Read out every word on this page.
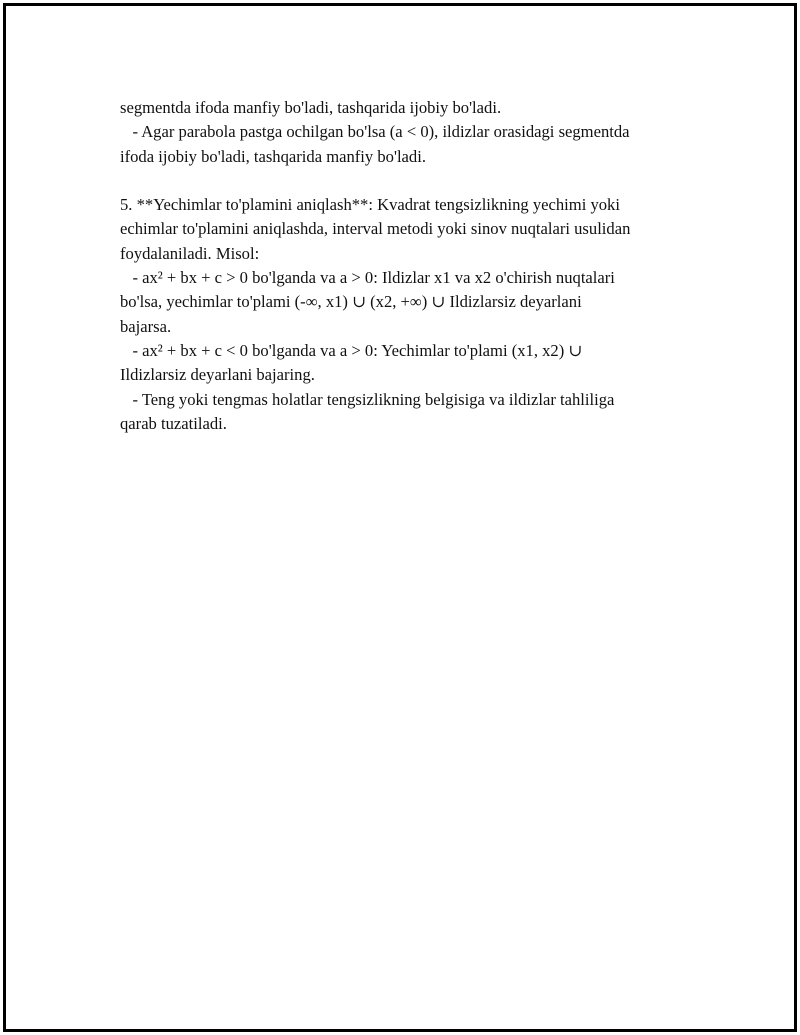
segmentda ifoda manfiy bo'ladi, tashqarida ijobiy bo'ladi.
- Agar parabola pastga ochilgan bo'lsa (a < 0), ildizlar orasidagi segmentda
ifoda ijobiy bo'ladi, tashqarida manfiy bo'ladi.
5. **Yechimlar to'plamini aniqlash**: Kvadrat tengsizlikning yechimi yoki
echimlar to'plamini aniqlashda, interval metodi yoki sinov nuqtalari usulidan
foydalaniladi. Misol:
- ax² + bx + c > 0 bo'lganda va a > 0: Ildizlar x1 va x2 o'chirish nuqtalari
bo'lsa, yechimlar to'plami (-∞, x1) ∪ (x2, +∞) ∪ Ildizlarsiz deyarlani
bajarsa.
- ax² + bx + c < 0 bo'lganda va a > 0: Yechimlar to'plami (x1, x2) ∪
Ildizlarsiz deyarlani bajaring.
- Teng yoki tengmas holatlar tengsizlikning belgisiga va ildizlar tahliliga
qarab tuzatiladi.
